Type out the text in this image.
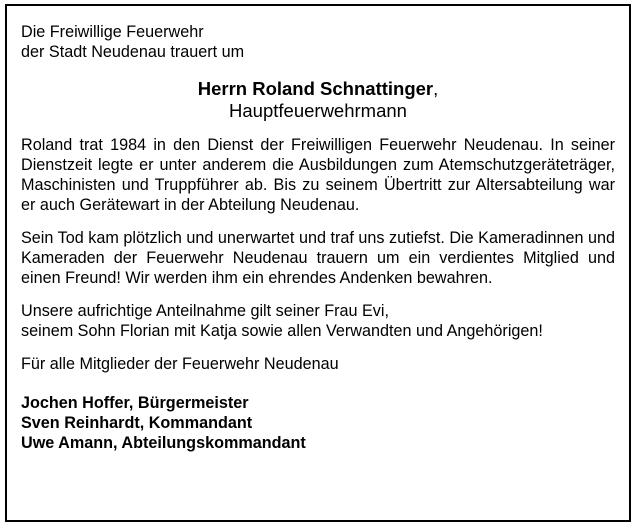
Die Freiwillige Feuerwehr
der Stadt Neudenau trauert um
Herrn Roland Schnattinger,
Hauptfeuerwehrmann

Roland trat 1984 in den Dienst der Freiwilligen Feuerwehr Neudenau. In seiner Dienstzeit legte er unter anderem die Ausbildungen zum Atemschutzgeräteträger, Maschinisten und Truppführer ab. Bis zu seinem Übertritt zur Altersabteilung war er auch Gerätewart in der Abteilung Neudenau.

Sein Tod kam plötzlich und unerwartet und traf uns zutiefst. Die Kameradinnen und Kameraden der Feuerwehr Neudenau trauern um ein verdientes Mitglied und einen Freund! Wir werden ihm ein ehrendes Andenken bewahren.

Unsere aufrichtige Anteilnahme gilt seiner Frau Evi,
seinem Sohn Florian mit Katja sowie allen Verwandten und Angehörigen!
Für alle Mitglieder der Feuerwehr Neudenau
Jochen Hoffer, Bürgermeister
Sven Reinhardt, Kommandant
Uwe Amann, Abteilungskommandant
